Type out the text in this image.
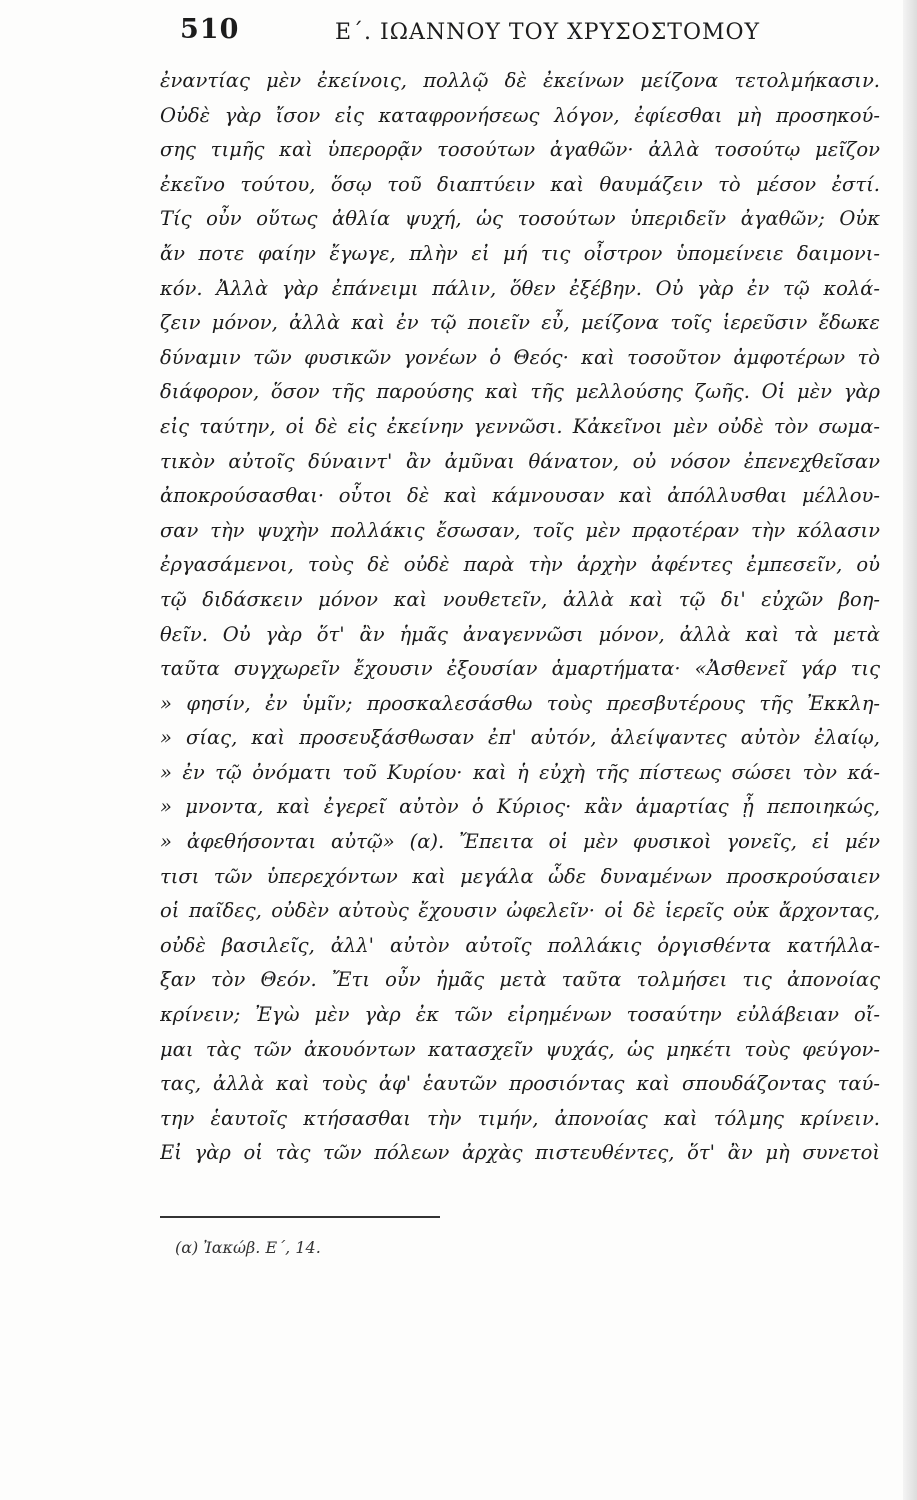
510	Ε΄. ΙΩΑΝΝΟΥ ΤΟΥ ΧΡΥΣΟΣΤΟΜΟΥ
ἐναντίας μὲν ἐκείνοις, πολλῷ δὲ ἐκείνων μείζονα τετολμήκασιν.
Οὐδὲ γὰρ ἴσον εἰς καταφρονήσεως λόγον, ἐφίεσθαι μὴ προσηκού-
σης τιμῆς καὶ ὑπερορᾷν τοσούτων ἀγαθῶν· ἀλλὰ τοσούτῳ μεῖζον
ἐκεῖνο τούτου, ὅσῳ τοῦ διαπτύειν καὶ θαυμάζειν τὸ μέσον ἐστί.
Τίς οὖν οὕτως ἀθλία ψυχή, ὡς τοσούτων ὑπεριδεῖν ἀγαθῶν; Οὐκ
ἄν ποτε φαίην ἔγωγε, πλὴν εἰ μή τις οἶστρον ὑπομείνειε δαιμονι-
κόν. Ἀλλὰ γὰρ ἐπάνειμι πάλιν, ὅθεν ἐξέβην. Οὐ γὰρ ἐν τῷ κολά-
ζειν μόνον, ἀλλὰ καὶ ἐν τῷ ποιεῖν εὖ, μείζονα τοῖς ἱερεῦσιν ἔδωκε
δύναμιν τῶν φυσικῶν γονέων ὁ Θεός· καὶ τοσοῦτον ἀμφοτέρων τὸ
διάφορον, ὅσον τῆς παρούσης καὶ τῆς μελλούσης ζωῆς. Οἱ μὲν γὰρ
εἰς ταύτην, οἱ δὲ εἰς ἐκείνην γεννῶσι. Κἀκεῖνοι μὲν οὐδὲ τὸν σωμα-
τικὸν αὐτοῖς δύναιντ' ἂν ἀμῦναι θάνατον, οὐ νόσον ἐπενεχθεῖσαν
ἀποκρούσασθαι· οὗτοι δὲ καὶ κάμνουσαν καὶ ἀπόλλυσθαι μέλλου-
σαν τὴν ψυχὴν πολλάκις ἔσωσαν, τοῖς μὲν πρᾳοτέραν τὴν κόλασιν
ἐργασάμενοι, τοὺς δὲ οὐδὲ παρὰ τὴν ἀρχὴν ἀφέντες ἐμπεσεῖν, οὐ
τῷ διδάσκειν μόνον καὶ νουθετεῖν, ἀλλὰ καὶ τῷ δι' εὐχῶν βοη-
θεῖν. Οὐ γὰρ ὅτ' ἂν ἡμᾶς ἀναγεννῶσι μόνον, ἀλλὰ καὶ τὰ μετὰ
ταῦτα συγχωρεῖν ἔχουσιν ἐξουσίαν ἁμαρτήματα· «Ἀσθενεῖ γάρ τις
» φησίν, ἐν ὑμῖν; προσκαλεσάσθω τοὺς πρεσβυτέρους τῆς Ἐκκλη-
» σίας, καὶ προσευξάσθωσαν ἐπ' αὐτόν, ἀλείψαντες αὐτὸν ἐλαίῳ,
» ἐν τῷ ὀνόματι τοῦ Κυρίου· καὶ ἡ εὐχὴ τῆς πίστεως σώσει τὸν κά-
» μνοντα, καὶ ἐγερεῖ αὐτὸν ὁ Κύριος· κἂν ἁμαρτίας ᾖ πεποιηκώς,
» ἀφεθήσονται αὐτῷ» (α). Ἔπειτα οἱ μὲν φυσικοὶ γονεῖς, εἰ μέν
τισι τῶν ὑπερεχόντων καὶ μεγάλα ὧδε δυναμένων προσκρούσαιεν
οἱ παῖδες, οὐδὲν αὐτοὺς ἔχουσιν ὠφελεῖν· οἱ δὲ ἱερεῖς οὐκ ἄρχοντας,
οὐδὲ βασιλεῖς, ἀλλ' αὐτὸν αὐτοῖς πολλάκις ὀργισθέντα κατήλλα-
ξαν τὸν Θεόν. Ἔτι οὖν ἡμᾶς μετὰ ταῦτα τολμήσει τις ἀπονοίας
κρίνειν; Ἐγὼ μὲν γὰρ ἐκ τῶν εἰρημένων τοσαύτην εὐλάβειαν οἴ-
μαι τὰς τῶν ἀκουόντων κατασχεῖν ψυχάς, ὡς μηκέτι τοὺς φεύγον-
τας, ἀλλὰ καὶ τοὺς ἀφ' ἑαυτῶν προσιόντας καὶ σπουδάζοντας ταύ-
την ἑαυτοῖς κτήσασθαι τὴν τιμήν, ἀπονοίας καὶ τόλμης κρίνειν.
Εἰ γὰρ οἱ τὰς τῶν πόλεων ἀρχὰς πιστευθέντες, ὅτ' ἂν μὴ συνετοὶ
(α) Ἰακώβ. Ε΄, 14.
